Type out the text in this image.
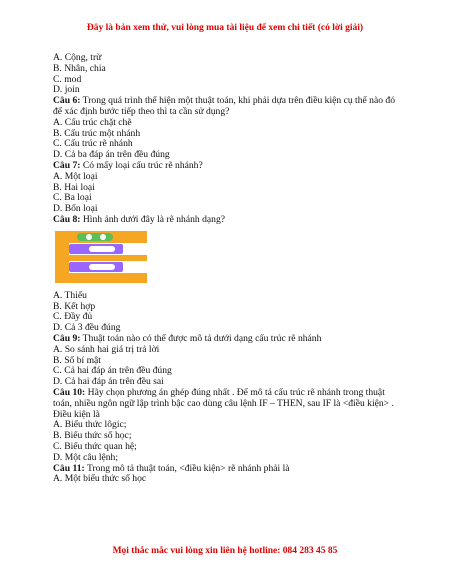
Đây là bản xem thử, vui lòng mua tài liệu để xem chi tiết (có lời giải)
A. Cộng, trừ
B. Nhân, chia
C. mod
D. join
Câu 6: Trong quá trình thể hiện một thuật toán, khi phải dựa trên điều kiện cụ thể nào đó để xác định bước tiếp theo thì ta cần sử dụng?
A. Cấu trúc chặt chẽ
B. Cấu trúc một nhánh
C. Cấu trúc rẽ nhánh
D. Cả ba đáp án trên đều đúng
Câu 7: Có mấy loại cấu trúc rẽ nhánh?
A. Một loại
B. Hai loại
C. Ba loại
D. Bốn loại
Câu 8: Hình ảnh dưới đây là rẽ nhánh dạng?
A. Thiếu
B. Kết hợp
C. Đầy đủ
D. Cả 3 đều đúng
Câu 9: Thuật toán nào có thể được mô tả dưới dạng cấu trúc rẽ nhánh
A. So sánh hai giá trị trả lời
B. Số bí mật
C. Cả hai đáp án trên đều đúng
D. Cả hai đáp án trên đều sai
Câu 10: Hãy chọn phương án ghép đúng nhất . Để mô tả cấu trúc rẽ nhánh trong thuật toán, nhiều ngôn ngữ lập trình bậc cao dùng câu lệnh IF – THEN, sau IF là <điều kiện> . Điều kiện là
A. Biểu thức lôgic;
B. Biểu thức số học;
C. Biểu thức quan hệ;
D. Một câu lệnh;
Câu 11: Trong mô tả thuật toán, <điều kiện> rẽ nhánh phải là
A. Một biểu thức số học
Mọi thắc mắc vui lòng xin liên hệ hotline: 084 283 45 85
